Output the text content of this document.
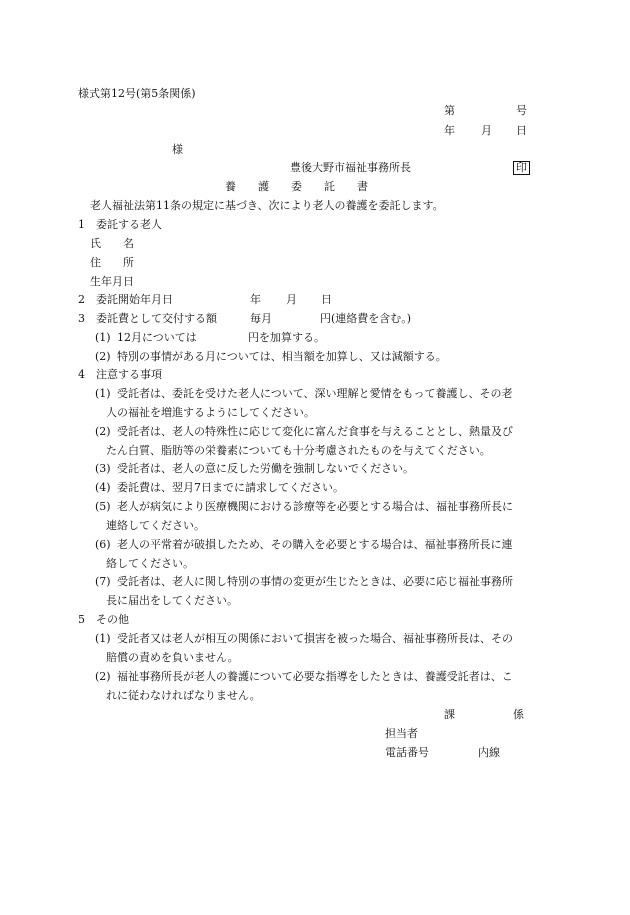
様式第12号(第5条関係)
第	号
年 月 日
様
豊後大野市福祉事務所長	印
養　　護　　委　　託　　書
老人福祉法第11条の規定に基づき、次により老人の養護を委託します。
1　委託する老人
氏　　名
住　　所
生年月日
2　委託開始年月日	年 月 日
3　委託費として交付する額	毎月	円(連絡費を含む。)
(1) 12月については	円を加算する。
(2) 特別の事情がある月については、相当額を加算し、又は減額する。
4　注意する事項
(1) 受託者は、委託を受けた老人について、深い理解と愛情をもって養護し、その老
人の福祉を増進するようにしてください。
(2) 受託者は、老人の特殊性に応じて変化に富んだ食事を与えることとし、熱量及び
たん白質、脂肪等の栄養素についても十分考慮されたものを与えてください。
(3) 受託者は、老人の意に反した労働を強制しないでください。
(4) 委託費は、翌月7日までに請求してください。
(5) 老人が病気により医療機関における診療等を必要とする場合は、福祉事務所長に
連絡してください。
(6) 老人の平常着が破損したため、その購入を必要とする場合は、福祉事務所長に連
絡してください。
(7) 受託者は、老人に関し特別の事情の変更が生じたときは、必要に応じ福祉事務所
長に届出をしてください。
5　その他
(1) 受託者又は老人が相互の関係において損害を被った場合、福祉事務所長は、その
賠償の責めを負いません。
(2) 福祉事務所長が老人の養護について必要な指導をしたときは、養護受託者は、こ
れに従わなければなりません。
課	係
担当者
電話番号	内線
